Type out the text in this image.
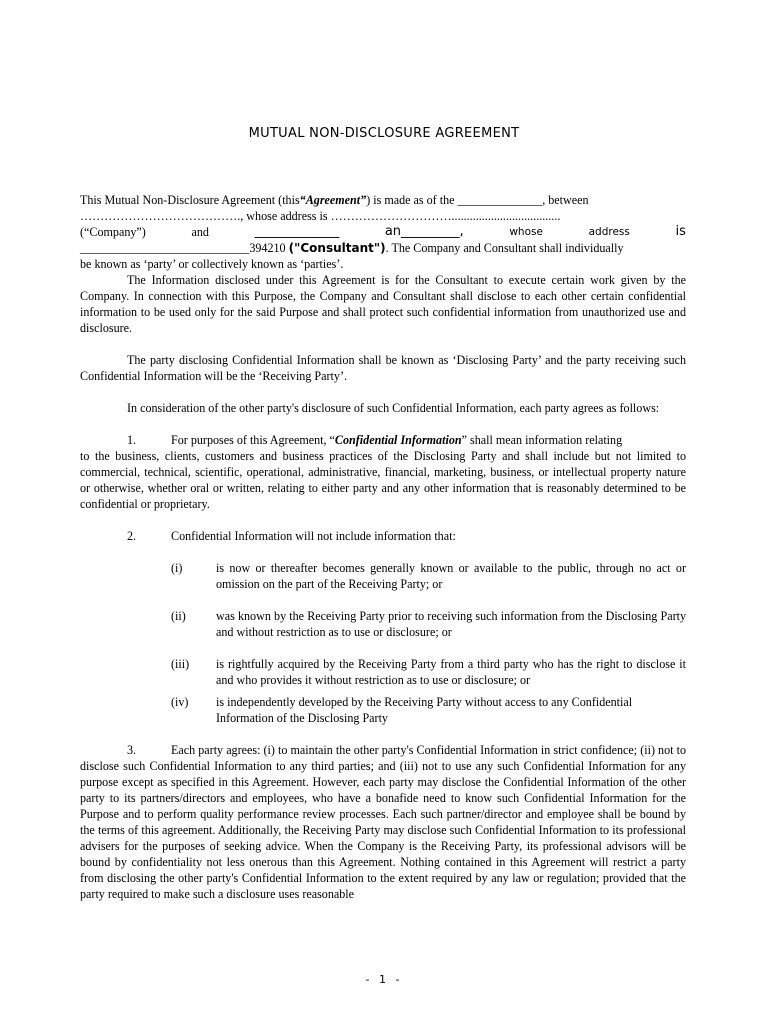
MUTUAL NON-DISCLOSURE AGREEMENT
This Mutual Non-Disclosure Agreement (this “Agreement” ) is made as of the ______________, between

…………………………………., whose address is …………………………....................................

(“Company”)	and	_____________	an_________,	whose	address	is
____________________________394210 ("Consultant"). The Company and Consultant shall individually

be known as ‘party’ or collectively known as ‘parties’.

The Information disclosed under this Agreement is for the Consultant to execute certain work given by the Company. In connection with this Purpose, the Company and Consultant shall disclose to each other certain confidential information to be used only for the said Purpose and shall protect such confidential information from unauthorized use and disclosure.

The party disclosing Confidential Information shall be known as ‘Disclosing Party’ and the party receiving such Confidential Information will be the ‘Receiving Party’.

In consideration of the other party's disclosure of such Confidential Information, each party agrees as follows:

1.	For purposes of this Agreement, “Confidential Information” shall mean information relating

to the business, clients, customers and business practices of the Disclosing Party and shall include but not limited to commercial, technical, scientific, operational, administrative, financial, marketing, business, or intellectual property nature or otherwise, whether oral or written, relating to either party and any other information that is reasonably determined to be confidential or proprietary.

2.	Confidential Information will not include information that:
(i)	is now or thereafter becomes generally known or available to the public, through no act or omission on the part of the Receiving Party; or
(ii)	was known by the Receiving Party prior to receiving such information from the Disclosing Party and without restriction as to use or disclosure; or
(iii)	is rightfully acquired by the Receiving Party from a third party who has the right to disclose it and who provides it without restriction as to use or disclosure; or
(iv)	is independently developed by the Receiving Party without access to any Confidential Information of the Disclosing Party

3.	Each party agrees: (i) to maintain the other party's Confidential Information in strict confidence; (ii) not to disclose such Confidential Information to any third parties; and (iii) not to use any such Confidential Information for any purpose except as specified in this Agreement. However, each party may disclose the Confidential Information of the other party to its partners/directors and employees, who have a bonafide need to know such Confidential Information for the Purpose and to perform quality performance review processes. Each such partner/director and employee shall be bound by the terms of this agreement. Additionally, the Receiving Party may disclose such Confidential Information to its professional advisers for the purposes of seeking advice. When the Company is the Receiving Party, its professional advisors will be bound by confidentiality not less onerous than this Agreement. Nothing contained in this Agreement will restrict a party from disclosing the other party's Confidential Information to the extent required by any law or regulation; provided that the party required to make such a disclosure uses reasonable

- 1 -
